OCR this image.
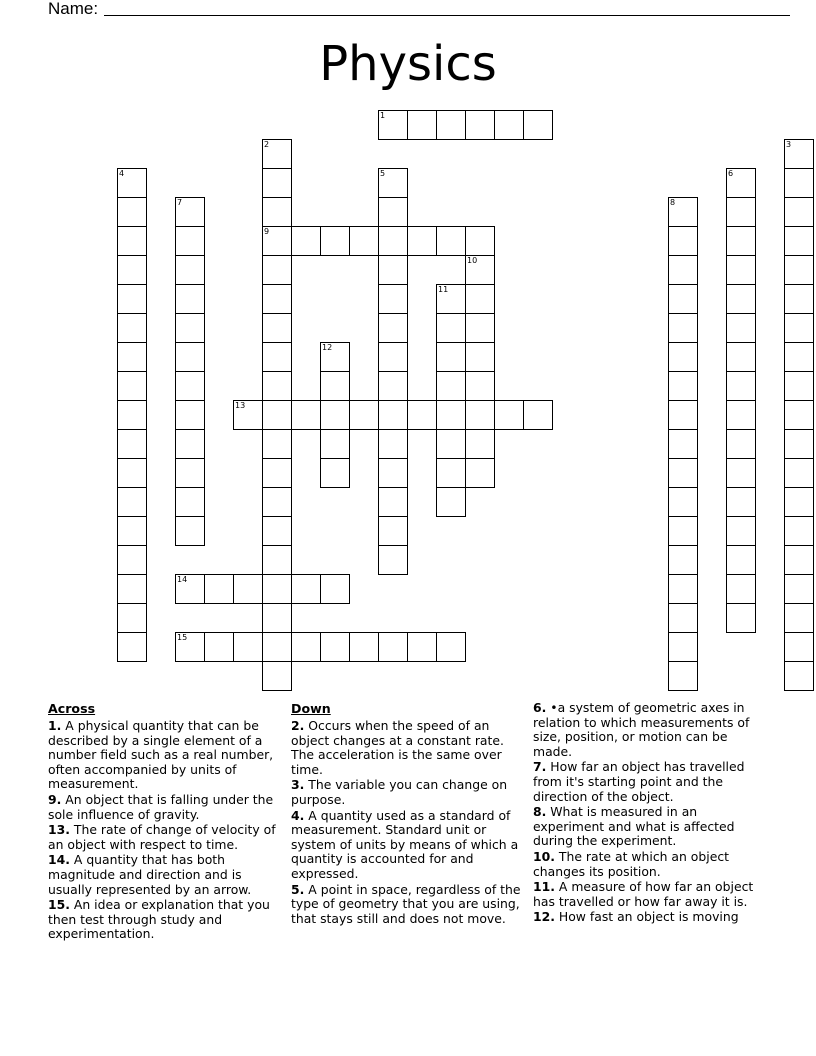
Name:
Physics
1
2
9
3
4	5	6
7	8
10
11
12
13
14
15
Across
1. A physical quantity that can be described by a single element of a number field such as a real number, often accompanied by units of measurement.
9. An object that is falling under the sole influence of gravity.
13. The rate of change of velocity of an object with respect to time.
14. A quantity that has both magnitude and direction and is usually represented by an arrow.
15. An idea or explanation that you then test through study and experimentation.
Down
2. Occurs when the speed of an object changes at a constant rate. The acceleration is the same over time.
3. The variable you can change on purpose.
4. A quantity used as a standard of measurement. Standard unit or system of units by means of which a quantity is accounted for and expressed.
5. A point in space, regardless of the type of geometry that you are using, that stays still and does not move.
6. •a system of geometric axes in relation to which measurements of size, position, or motion can be made.
7. How far an object has travelled from it's starting point and the direction of the object.
8. What is measured in an experiment and what is affected during the experiment.
10. The rate at which an object changes its position.
11. A measure of how far an object has travelled or how far away it is.
12. How fast an object is moving
